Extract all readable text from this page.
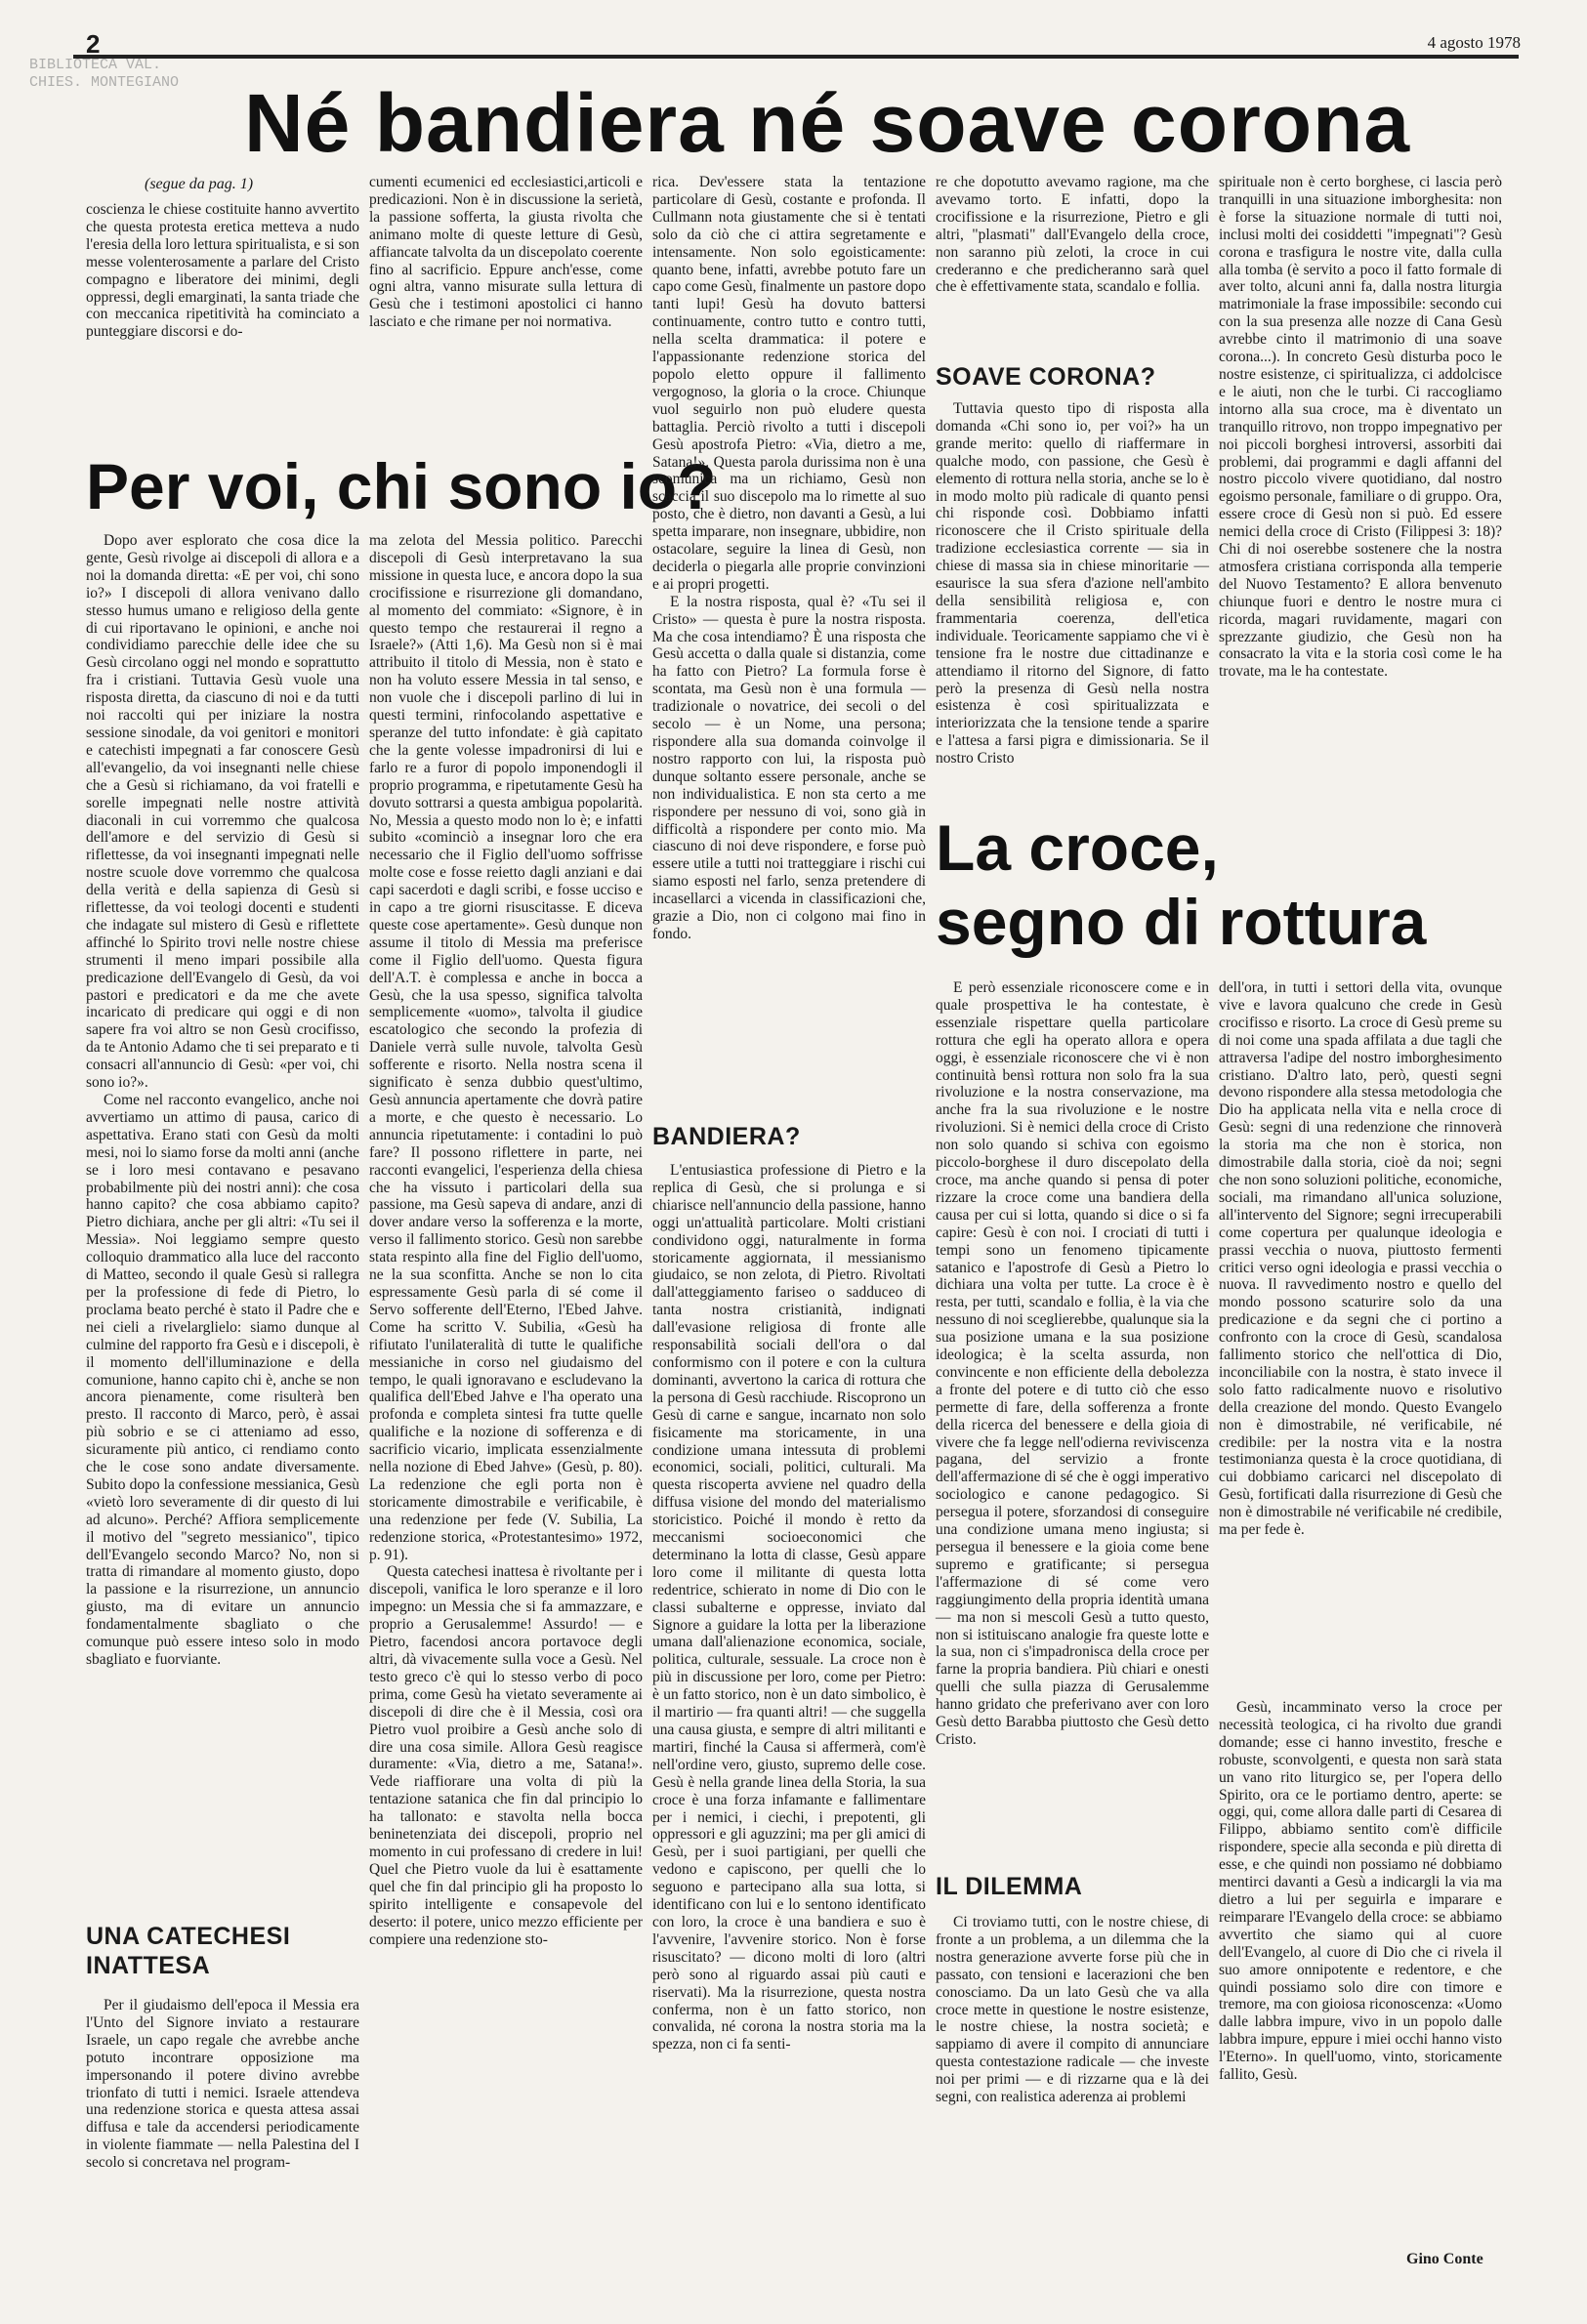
2	4 agosto 1978
BIBLIOTECA VAL.
CHIES. MONTEGIANO Né bandiera né soave corona
(segue da pag. 1)

coscienza le chiese costituite hanno avvertito che questa protesta eretica metteva a nudo l'eresia della loro lettura spiritualista, e si son messe volenterosamente a parlare del Cristo compagno e liberatore dei minimi, degli oppressi, degli emarginati, la santa triade che con meccanica ripetitività ha cominciato a punteggiare discorsi e do-

cumenti ecumenici ed ecclesiastici,articoli e predicazioni. Non è in discussione la serietà, la passione sofferta, la giusta rivolta che animano molte di queste letture di Gesù, affiancate talvolta da un discepolato coerente fino al sacrificio. Eppure anch'esse, come ogni altra, vanno misurate sulla lettura di Gesù che i testimoni apostolici ci hanno lasciato e che rimane per noi normativa.

Per voi, chi sono io?

Dopo aver esplorato che cosa dice la gente, Gesù rivolge ai discepoli di allora e a noi la domanda diretta: «E per voi, chi sono io?» I discepoli di allora venivano dallo stesso humus umano e religioso della gente di cui riportavano le opinioni, e anche noi condividiamo parecchie delle idee che su Gesù circolano oggi nel mondo e soprattutto fra i cristiani. Tuttavia Gesù vuole una risposta diretta, da ciascuno di noi e da tutti noi raccolti qui per iniziare la nostra sessione sinodale, da voi genitori e monitori e catechisti impegnati a far conoscere Gesù all'evangelio, da voi insegnanti nelle chiese che a Gesù si richiamano, da voi fratelli e sorelle impegnati nelle nostre attività diaconali in cui vorremmo che qualcosa dell'amore e del servizio di Gesù si riflettesse, da voi insegnanti impegnati nelle nostre scuole dove vorremmo che qualcosa della verità e della sapienza di Gesù si riflettesse, da voi teologi docenti e studenti che indagate sul mistero di Gesù e riflettete affinché lo Spirito trovi nelle nostre chiese strumenti il meno impari possibile alla predicazione dell'Evangelo di Gesù, da voi pastori e predicatori e da me che avete incaricato di predicare qui oggi e di non sapere fra voi altro se non Gesù crocifisso, da te Antonio Adamo che ti sei preparato e ti consacri all'annuncio di Gesù: «per voi, chi sono io?».

Come nel racconto evangelico, anche noi avvertiamo un attimo di pausa, carico di aspettativa. Erano stati con Gesù da molti mesi, noi lo siamo forse da molti anni (anche se i loro mesi contavano e pesavano probabilmente più dei nostri anni): che cosa hanno capito? che cosa abbiamo capito? Pietro dichiara, anche per gli altri: «Tu sei il Messia». Noi leggiamo sempre questo colloquio drammatico alla luce del racconto di Matteo, secondo il quale Gesù si rallegra per la professione di fede di Pietro, lo proclama beato perché è stato il Padre che e nei cieli a rivelarglielo: siamo dunque al culmine del rapporto fra Gesù e i discepoli, è il momento dell'illuminazione e della comunione, hanno capito chi è, anche se non ancora pienamente, come risulterà ben presto. Il racconto di Marco, però, è assai più sobrio e se ci atteniamo ad esso, sicuramente più antico, ci rendiamo conto che le cose sono andate diversamente. Subito dopo la confessione messianica, Gesù «vietò loro severamente di dir questo di lui ad alcuno». Perché? Affiora semplicemente il motivo del "segreto messianico", tipico dell'Evangelo secondo Marco? No, non si tratta di rimandare al momento giusto, dopo la passione e la risurrezione, un annuncio giusto, ma di evitare un annuncio fondamentalmente sbagliato o che comunque può essere inteso solo in modo sbagliato e fuorviante.

UNA CATECHESI
INATTESA

Per il giudaismo dell'epoca il Messia era l'Unto del Signore inviato a restaurare Israele, un capo regale che avrebbe anche potuto incontrare opposizione ma impersonando il potere divino avrebbe trionfato di tutti i nemici. Israele attendeva una redenzione storica e questa attesa assai diffusa e tale da accendersi periodicamente in violente fiammate — nella Palestina del I secolo si concretava nel program-

ma zelota del Messia politico. Parecchi discepoli di Gesù interpretavano la sua missione in questa luce, e ancora dopo la sua crocifissione e risurrezione gli domandano, al momento del commiato: «Signore, è in questo tempo che restaurerai il regno a Israele?» (Atti 1,6). Ma Gesù non si è mai attribuito il titolo di Messia, non è stato e non ha voluto essere Messia in tal senso, e non vuole che i discepoli parlino di lui in questi termini, rinfocolando aspettative e speranze del tutto infondate: è già capitato che la gente volesse impadronirsi di lui e farlo re a furor di popolo imponendogli il proprio programma, e ripetutamente Gesù ha dovuto sottrarsi a questa ambigua popolarità. No, Messia a questo modo non lo è; e infatti subito «cominciò a insegnar loro che era necessario che il Figlio dell'uomo soffrisse molte cose e fosse reietto dagli anziani e dai capi sacerdoti e dagli scribi, e fosse ucciso e in capo a tre giorni risuscitasse. E diceva queste cose apertamente». Gesù dunque non assume il titolo di Messia ma preferisce come il Figlio dell'uomo. Questa figura dell'A.T. è complessa e anche in bocca a Gesù, che la usa spesso, significa talvolta semplicemente «uomo», talvolta il giudice escatologico che secondo la profezia di Daniele verrà sulle nuvole, talvolta Gesù sofferente e risorto. Nella nostra scena il significato è senza dubbio quest'ultimo, Gesù annuncia apertamente che dovrà patire a morte, e che questo è necessario. Lo annuncia ripetutamente: i contadini lo può fare? Il possono riflettere in parte, nei racconti evangelici, l'esperienza della chiesa che ha vissuto i particolari della sua passione, ma Gesù sapeva di andare, anzi di dover andare verso la sofferenza e la morte, verso il fallimento storico. Gesù non sarebbe stata respinto alla fine del Figlio dell'uomo, ne la sua sconfitta. Anche se non lo cita espressamente Gesù parla di sé come il Servo sofferente dell'Eterno, l'Ebed Jahve. Come ha scritto V. Subilia, «Gesù ha rifiutato l'unilateralità di tutte le qualifiche messianiche in corso nel giudaismo del tempo, le quali ignoravano e escludevano la qualifica dell'Ebed Jahve e l'ha operato una profonda e completa sintesi fra tutte quelle qualifiche e la nozione di sofferenza e di sacrificio vicario, implicata essenzialmente nella nozione di Ebed Jahve» (Gesù, p. 80). La redenzione che egli porta non è storicamente dimostrabile e verificabile, è una redenzione per fede (V. Subilia, La redenzione storica, «Protestantesimo» 1972, p. 91).

Questa catechesi inattesa è rivoltante per i discepoli, vanifica le loro speranze e il loro impegno: un Messia che si fa ammazzare, e proprio a Gerusalemme! Assurdo! — e Pietro, facendosi ancora portavoce degli altri, dà vivacemente sulla voce a Gesù. Nel testo greco c'è qui lo stesso verbo di poco prima, come Gesù ha vietato severamente ai discepoli di dire che è il Messia, così ora Pietro vuol proibire a Gesù anche solo di dire una cosa simile. Allora Gesù reagisce duramente: «Via, dietro a me, Satana!». Vede riaffiorare una volta di più la tentazione satanica che fin dal principio lo ha tallonato: e stavolta nella bocca beninetenziata dei discepoli, proprio nel momento in cui professano di credere in lui! Quel che Pietro vuole da lui è esattamente quel che fin dal principio gli ha proposto lo spirito intelligente e consapevole del deserto: il potere, unico mezzo efficiente per compiere una redenzione sto-

rica. Dev'essere stata la tentazione particolare di Gesù, costante e profonda. Il Cullmann nota giustamente che si è tentati solo da ciò che ci attira segretamente e intensamente. Non solo egoisticamente: quanto bene, infatti, avrebbe potuto fare un capo come Gesù, finalmente un pastore dopo tanti lupi! Gesù ha dovuto battersi continuamente, contro tutto e contro tutti, nella scelta drammatica: il potere e l'appassionante redenzione storica del popolo eletto oppure il fallimento vergognoso, la gloria o la croce. Chiunque vuol seguirlo non può eludere questa battaglia. Perciò rivolto a tutti i discepoli Gesù apostrofa Pietro: «Via, dietro a me, Satana!». Questa parola durissima non è una scomunica ma un richiamo, Gesù non scaccia il suo discepolo ma lo rimette al suo posto, che è dietro, non davanti a Gesù, a lui spetta imparare, non insegnare, ubbidire, non ostacolare, seguire la linea di Gesù, non deciderla o piegarla alle proprie convinzioni e ai propri progetti.

E la nostra risposta, qual è? «Tu sei il Cristo» — questa è pure la nostra risposta. Ma che cosa intendiamo? È una risposta che Gesù accetta o dalla quale si distanzia, come ha fatto con Pietro? La formula forse è scontata, ma Gesù non è una formula — tradizionale o novatrice, dei secoli o del secolo — è un Nome, una persona; rispondere alla sua domanda coinvolge il nostro rapporto con lui, la risposta può dunque soltanto essere personale, anche se non individualistica. E non sta certo a me rispondere per nessuno di voi, sono già in difficoltà a rispondere per conto mio. Ma ciascuno di noi deve rispondere, e forse può essere utile a tutti noi tratteggiare i rischi cui siamo esposti nel farlo, senza pretendere di incasellarci a vicenda in classificazioni che, grazie a Dio, non ci colgono mai fino in fondo.

BANDIERA?

L'entusiastica professione di Pietro e la replica di Gesù, che si prolunga e si chiarisce nell'annuncio della passione, hanno oggi un'attualità particolare. Molti cristiani condividono oggi, naturalmente in forma storicamente aggiornata, il messianismo giudaico, se non zelota, di Pietro. Rivoltati dall'atteggiamento fariseo o sadduceo di tanta nostra cristianità, indignati dall'evasione religiosa di fronte alle responsabilità sociali dell'ora o dal conformismo con il potere e con la cultura dominanti, avvertono la carica di rottura che la persona di Gesù racchiude. Riscoprono un Gesù di carne e sangue, incarnato non solo fisicamente ma storicamente, in una condizione umana intessuta di problemi economici, sociali, politici, culturali. Ma questa riscoperta avviene nel quadro della diffusa visione del mondo del materialismo storicistico. Poiché il mondo è retto da meccanismi socioeconomici che determinano la lotta di classe, Gesù appare loro come il militante di questa lotta redentrice, schierato in nome di Dio con le classi subalterne e oppresse, inviato dal Signore a guidare la lotta per la liberazione umana dall'alienazione economica, sociale, politica, culturale, sessuale. La croce non è più in discussione per loro, come per Pietro: è un fatto storico, non è un dato simbolico, è il martirio — fra quanti altri! — che suggella una causa giusta, e sempre di altri militanti e martiri, finché la Causa si affermerà, com'è nell'ordine vero, giusto, supremo delle cose. Gesù è nella grande linea della Storia, la sua croce è una forza infamante e fallimentare per i nemici, i ciechi, i prepotenti, gli oppressori e gli aguzzini; ma per gli amici di Gesù, per i suoi partigiani, per quelli che vedono e capiscono, per quelli che lo seguono e partecipano alla sua lotta, si identificano con lui e lo sentono identificato con loro, la croce è una bandiera e suo è l'avvenire, l'avvenire storico. Non è forse risuscitato? — dicono molti di loro (altri però sono al riguardo assai più cauti e riservati). Ma la risurrezione, questa nostra conferma, non è un fatto storico, non convalida, né corona la nostra storia ma la spezza, non ci fa senti-

re che dopotutto avevamo ragione, ma che avevamo torto. E infatti, dopo la crocifissione e la risurrezione, Pietro e gli altri, "plasmati" dall'Evangelo della croce, non saranno più zeloti, la croce in cui crederanno e che predicheranno sarà quel che è effettivamente stata, scandalo e follia.

SOAVE CORONA?

Tuttavia questo tipo di risposta alla domanda «Chi sono io, per voi?» ha un grande merito: quello di riaffermare in qualche modo, con passione, che Gesù è elemento di rottura nella storia, anche se lo è in modo molto più radicale di quanto pensi chi risponde così. Dobbiamo infatti riconoscere che il Cristo spirituale della tradizione ecclesiastica corrente — sia in chiese di massa sia in chiese minoritarie — esaurisce la sua sfera d'azione nell'ambito della sensibilità religiosa e, con frammentaria coerenza, dell'etica individuale. Teoricamente sappiamo che vi è tensione fra le nostre due cittadinanze e attendiamo il ritorno del Signore, di fatto però la presenza di Gesù nella nostra esistenza è così spiritualizzata e interiorizzata che la tensione tende a sparire e l'attesa a farsi pigra e dimissionaria. Se il nostro Cristo

La croce,
segno di rottura

E però essenziale riconoscere come e in quale prospettiva le ha contestate, è essenziale rispettare quella particolare rottura che egli ha operato allora e opera oggi, è essenziale riconoscere che vi è non continuità bensì rottura non solo fra la sua rivoluzione e la nostra conservazione, ma anche fra la sua rivoluzione e le nostre rivoluzioni. Si è nemici della croce di Cristo non solo quando si schiva con egoismo piccolo-borghese il duro discepolato della croce, ma anche quando si pensa di poter rizzare la croce come una bandiera della causa per cui si lotta, quando si dice o si fa capire: Gesù è con noi. I crociati di tutti i tempi sono un fenomeno tipicamente satanico e l'apostrofe di Gesù a Pietro lo dichiara una volta per tutte. La croce è è resta, per tutti, scandalo e follia, è la via che nessuno di noi sceglierebbe, qualunque sia la sua posizione umana e la sua posizione ideologica; è la scelta assurda, non convincente e non efficiente della debolezza a fronte del potere e di tutto ciò che esso permette di fare, della sofferenza a fronte della ricerca del benessere e della gioia di vivere che fa legge nell'odierna reviviscenza pagana, del servizio a fronte dell'affermazione di sé che è oggi imperativo sociologico e canone pedagogico. Si persegua il potere, sforzandosi di conseguire una condizione umana meno ingiusta; si persegua il benessere e la gioia come bene supremo e gratificante; si persegua l'affermazione di sé come vero raggiungimento della propria identità umana — ma non si mescoli Gesù a tutto questo, non si istituiscano analogie fra queste lotte e la sua, non ci s'impadronisca della croce per farne la propria bandiera. Più chiari e onesti quelli che sulla piazza di Gerusalemme hanno gridato che preferivano aver con loro Gesù detto Barabba piuttosto che Gesù detto Cristo.

IL DILEMMA

Ci troviamo tutti, con le nostre chiese, di fronte a un problema, a un dilemma che la nostra generazione avverte forse più che in passato, con tensioni e lacerazioni che ben conosciamo. Da un lato Gesù che va alla croce mette in questione le nostre esistenze, le nostre chiese, la nostra società; e sappiamo di avere il compito di annunciare questa contestazione radicale — che investe noi per primi — e di rizzarne qua e là dei segni, con realistica aderenza ai problemi

spirituale non è certo borghese, ci lascia però tranquilli in una situazione imborghesita: non è forse la situazione normale di tutti noi, inclusi molti dei cosiddetti "impegnati"? Gesù corona e trasfigura le nostre vite, dalla culla alla tomba (è servito a poco il fatto formale di aver tolto, alcuni anni fa, dalla nostra liturgia matrimoniale la frase impossibile: secondo cui con la sua presenza alle nozze di Cana Gesù avrebbe cinto il matrimonio di una soave corona...). In concreto Gesù disturba poco le nostre esistenze, ci spiritualizza, ci addolcisce e le aiuti, non che le turbi. Ci raccogliamo intorno alla sua croce, ma è diventato un tranquillo ritrovo, non troppo impegnativo per noi piccoli borghesi introversi, assorbiti dai problemi, dai programmi e dagli affanni del nostro piccolo vivere quotidiano, dal nostro egoismo personale, familiare o di gruppo. Ora, essere croce di Gesù non si può. Ed essere nemici della croce di Cristo (Filippesi 3: 18)? Chi di noi oserebbe sostenere che la nostra atmosfera cristiana corrisponda alla temperie del Nuovo Testamento? E allora benvenuto chiunque fuori e dentro le nostre mura ci ricorda, magari ruvidamente, magari con sprezzante giudizio, che Gesù non ha consacrato la vita e la storia così come le ha trovate, ma le ha contestate.

dell'ora, in tutti i settori della vita, ovunque vive e lavora qualcuno che crede in Gesù crocifisso e risorto. La croce di Gesù preme su di noi come una spada affilata a due tagli che attraversa l'adipe del nostro imborghesimento cristiano. D'altro lato, però, questi segni devono rispondere alla stessa metodologia che Dio ha applicata nella vita e nella croce di Gesù: segni di una redenzione che rinnoverà la storia ma che non è storica, non dimostrabile dalla storia, cioè da noi; segni che non sono soluzioni politiche, economiche, sociali, ma rimandano all'unica soluzione, all'intervento del Signore; segni irrecuperabili come copertura per qualunque ideologia e prassi vecchia o nuova, piuttosto fermenti critici verso ogni ideologia e prassi vecchia o nuova. Il ravvedimento nostro e quello del mondo possono scaturire solo da una predicazione e da segni che ci portino a confronto con la croce di Gesù, scandalosa fallimento storico che nell'ottica di Dio, inconciliabile con la nostra, è stato invece il solo fatto radicalmente nuovo e risolutivo della creazione del mondo. Questo Evangelo non è dimostrabile, né verificabile, né credibile: per la nostra vita e la nostra testimonianza questa è la croce quotidiana, di cui dobbiamo caricarci nel discepolato di Gesù, fortificati dalla risurrezione di Gesù che non è dimostrabile né verificabile né credibile, ma per fede è.

Gesù, incamminato verso la croce per necessità teologica, ci ha rivolto due grandi domande; esse ci hanno investito, fresche e robuste, sconvolgenti, e questa non sarà stata un vano rito liturgico se, per l'opera dello Spirito, ora ce le portiamo dentro, aperte: se oggi, qui, come allora dalle parti di Cesarea di Filippo, abbiamo sentito com'è difficile rispondere, specie alla seconda e più diretta di esse, e che quindi non possiamo né dobbiamo mentirci davanti a Gesù a indicargli la via ma dietro a lui per seguirla e imparare e reimparare l'Evangelo della croce: se abbiamo avvertito che siamo qui al cuore dell'Evangelo, al cuore di Dio che ci rivela il suo amore onnipotente e redentore, e che quindi possiamo solo dire con timore e tremore, ma con gioiosa riconoscenza: «Uomo dalle labbra impure, vivo in un popolo dalle labbra impure, eppure i miei occhi hanno visto l'Eterno». In quell'uomo, vinto, storicamente fallito, Gesù.

Gino Conte
